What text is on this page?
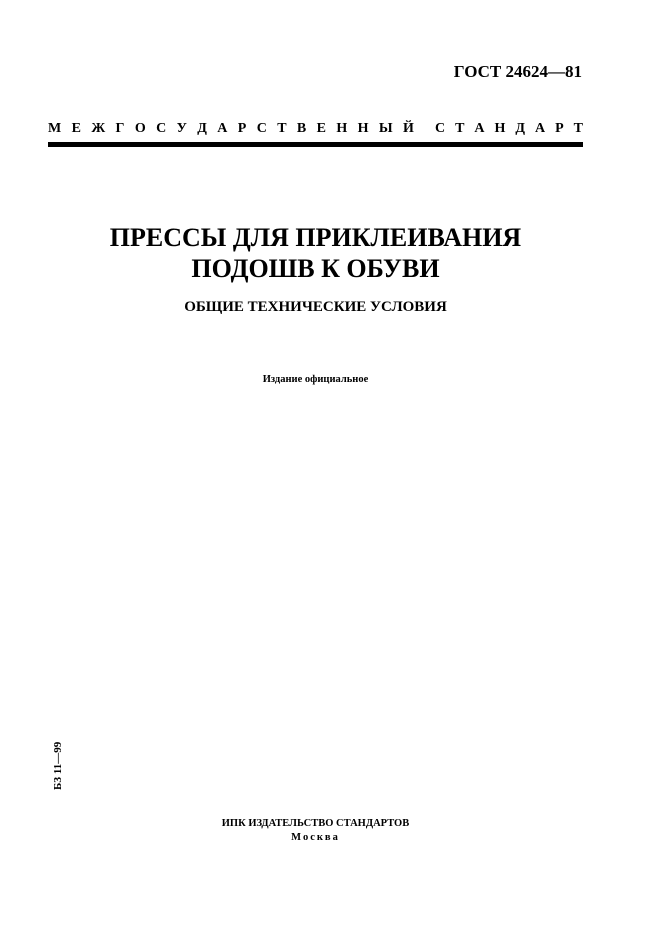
ГОСТ 24624—81
М Е Ж Г О С У Д А Р С Т В Е Н Н Ы Й С Т А Н Д А Р Т
ПРЕССЫ ДЛЯ ПРИКЛЕИВАНИЯ
ПОДОШВ К ОБУВИ
ОБЩИЕ ТЕХНИЧЕСКИЕ УСЛОВИЯ
Издание официальное
БЗ 11—99
ИПК ИЗДАТЕЛЬСТВО СТАНДАРТОВ
Москва
